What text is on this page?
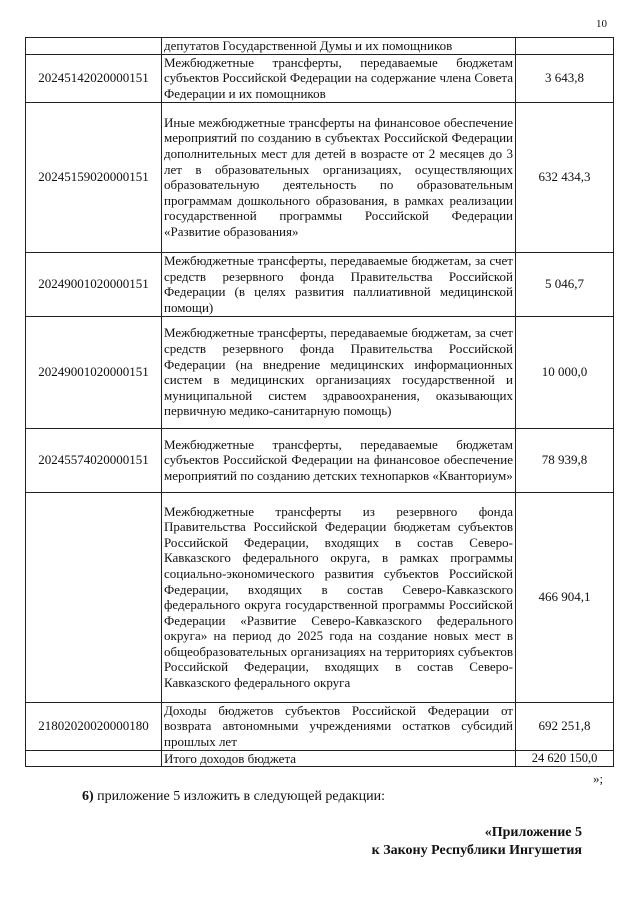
10
	депутатов Государственной Думы и их помощников	
20245142020000151	Межбюджетные трансферты, передаваемые бюджетам субъектов Российской Федерации на содержание члена Совета Федерации и их помощников	3 643,8
20245159020000151	Иные межбюджетные трансферты на финансовое обеспечение мероприятий по созданию в субъектах Российской Федерации дополнительных мест для детей в возрасте от 2 месяцев до 3 лет в образовательных организациях, осуществляющих образовательную деятельность по образовательным программам дошкольного образования, в рамках реализации государственной программы Российской Федерации «Развитие образования»	632 434,3
20249001020000151	Межбюджетные трансферты, передаваемые бюджетам, за счет средств резервного фонда Правительства Российской Федерации (в целях развития паллиативной медицинской помощи)	5 046,7
20249001020000151	Межбюджетные трансферты, передаваемые бюджетам, за счет средств резервного фонда Правительства Российской Федерации (на внедрение медицинских информационных систем в медицинских организациях государственной и муниципальной систем здравоохранения, оказывающих первичную медико-санитарную помощь)	10 000,0
20245574020000151	Межбюджетные трансферты, передаваемые бюджетам субъектов Российской Федерации на финансовое обеспечение мероприятий по созданию детских технопарков «Кванториум»	78 939,8
	Межбюджетные трансферты из резервного фонда Правительства Российской Федерации бюджетам субъектов Российской Федерации, входящих в состав Северо-Кавказского федерального округа, в рамках программы социально-экономического развития субъектов Российской Федерации, входящих в состав Северо-Кавказского федерального округа государственной программы Российской Федерации «Развитие Северо-Кавказского федерального округа» на период до 2025 года на создание новых мест в общеобразовательных организациях на территориях субъектов Российской Федерации, входящих в состав Северо-Кавказского федерального округа	466 904,1
21802020020000180	Доходы бюджетов субъектов Российской Федерации от возврата автономными учреждениями остатков субсидий прошлых лет	692 251,8
	Итого доходов бюджета	24 620 150,0
»;
6) приложение 5 изложить в следующей редакции:
«Приложение 5
к Закону Республики Ингушетия
